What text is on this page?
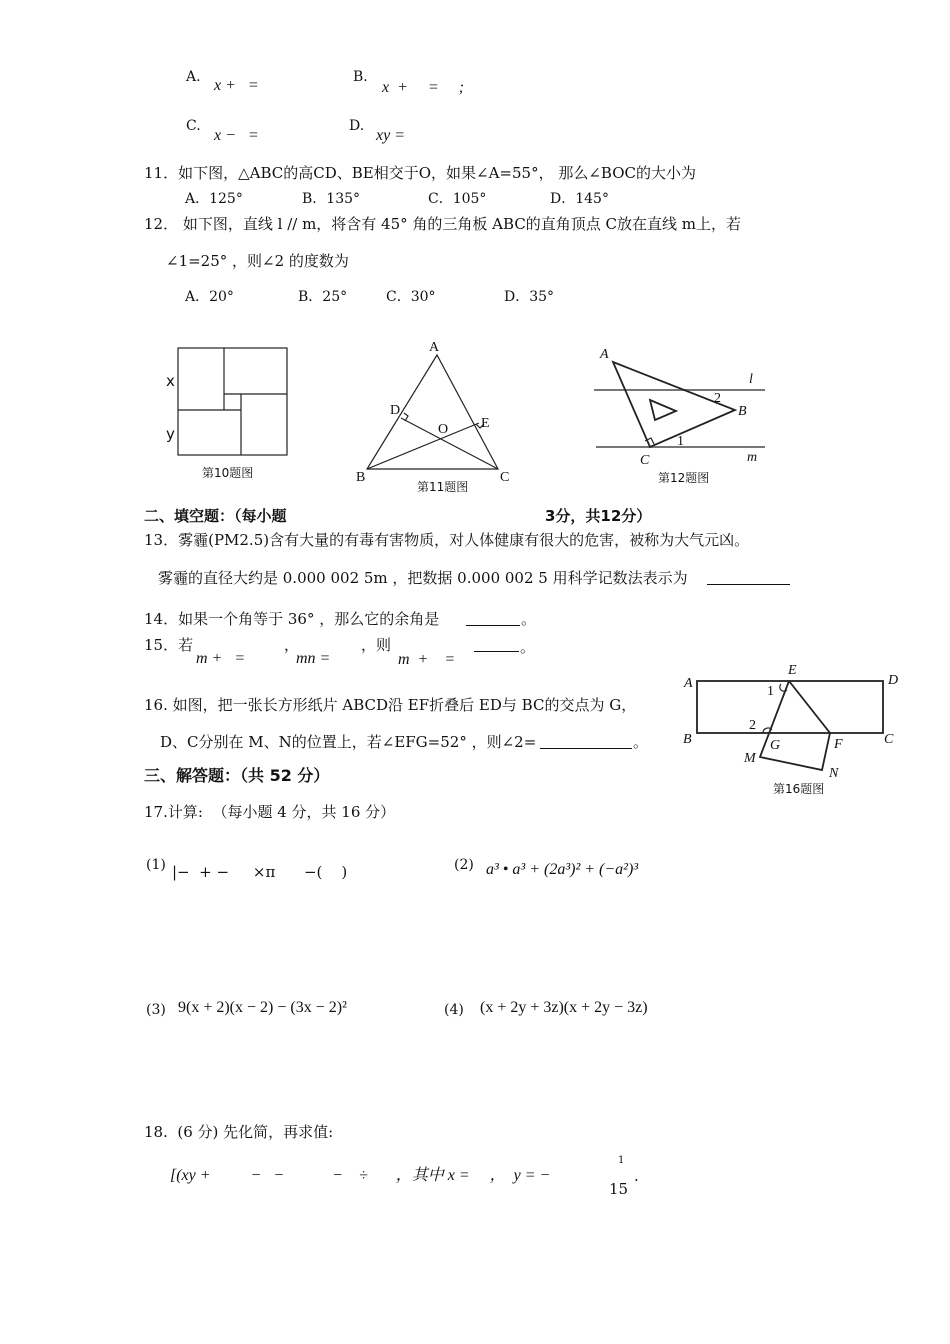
A. x +   =	B.
x  +     =     ;
C.
x −   =
D.
xy =
11．如下图，△ABC的高CD、BE相交于O，如果∠A=55°， 那么∠BOC的大小为
A．125°	B．135°	C．105°	D．145°
12． 如下图，直线 l // m，将含有 45° 角的三角板 ABC的直角顶点 C放在直线 m上，若
∠1=25° ，则∠2 的度数为
A．20°	B．25°	C．30°	D．35°
x
y
第10题图
A
B	C
D
E
O
第11题图
A
B
C
l
m
1
2
第12题图
A
B	C
D
E
F
G
M
N
1
2
第16题图
二、填空题：（每小题	3分，共12分）
13．雾霾(PM2.5)含有大量的有毒有害物质，对人体健康有很大的危害，被称为大气元凶。
雾霾的直径大约是 0.000 002 5m ，把数据 0.000 002 5 用科学记数法表示为
14．如果一个角等于 36° ，那么它的余角是	。
15．若
m +   =
，
mn =
，则
m  +    =
。
16. 如图，把一张长方形纸片 ABCD沿 EF折叠后 ED与 BC的交点为 G，
D、C分别在 M、N的位置上，若∠EFG=52° ，则∠2=	。
三、解答题：（共 52 分）
17.计算:  （每小题 4 分，共 16 分）
(1) |−  + −     ×π      −(    )	(2) a³ • a³ + (2a³)² + (−a²)³
(3) 9(x + 2)(x − 2) − (3x − 2)²	(4) (x + 2y + 3z)(x + 2y − 3z)
18.  (6 分) 先化简，再求值:
[(xy +          −   −            −    ÷       ，其中 x =     ，  y = −
1
15
.
